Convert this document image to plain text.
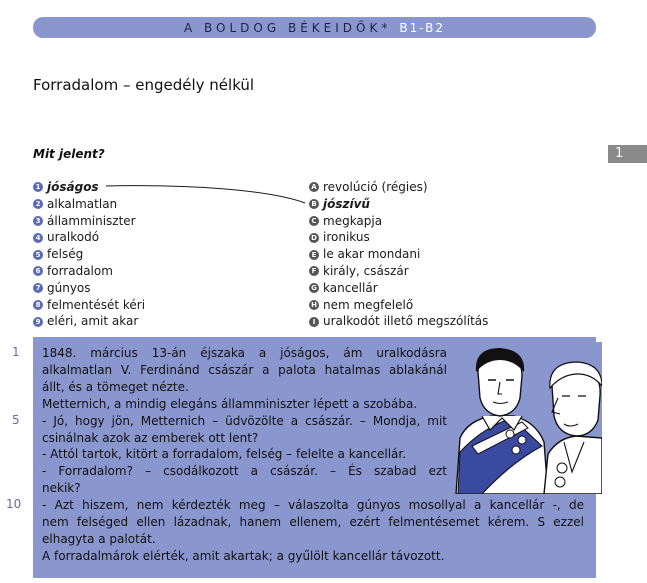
A BOLDOG BÉKEIDŐK* B1-B2
Forradalom – engedély nélkül
Mit jelent?	1
1 jóságos
2 alkalmatlan
3 államminiszter
4 uralkodó
5 felség
6 forradalom
7 gúnyos
8 felmentését kéri
9 eléri, amit akar
A revolúció (régies)
B jószívű
C megkapja
D ironikus
E le akar mondani
F király, császár
G kancellár
H nem megfelelő
I uralkodót illető megszólítás
1
5
10
1848. március 13-án éjszaka a jóságos, ám uralkodásra
alkalmatlan V. Ferdinánd császár a palota hatalmas ablakánál
állt, és a tömeget nézte.
Metternich, a mindig elegáns államminiszter lépett a szobába.
- Jó, hogy jön, Metternich – üdvözölte a császár. – Mondja, mit
csinálnak azok az emberek ott lent?
- Attól tartok, kitört a forradalom, felség – felelte a kancellár.
- Forradalom? – csodálkozott a császár. – És szabad ezt
nekik?
- Azt hiszem, nem kérdezték meg – válaszolta gúnyos mosollyal a kancellár -, de
nem felséged ellen lázadnak, hanem ellenem, ezért felmentésemet kérem. S ezzel
elhagyta a palotát.
A forradalmárok elérték, amit akartak; a gyűlölt kancellár távozott.
